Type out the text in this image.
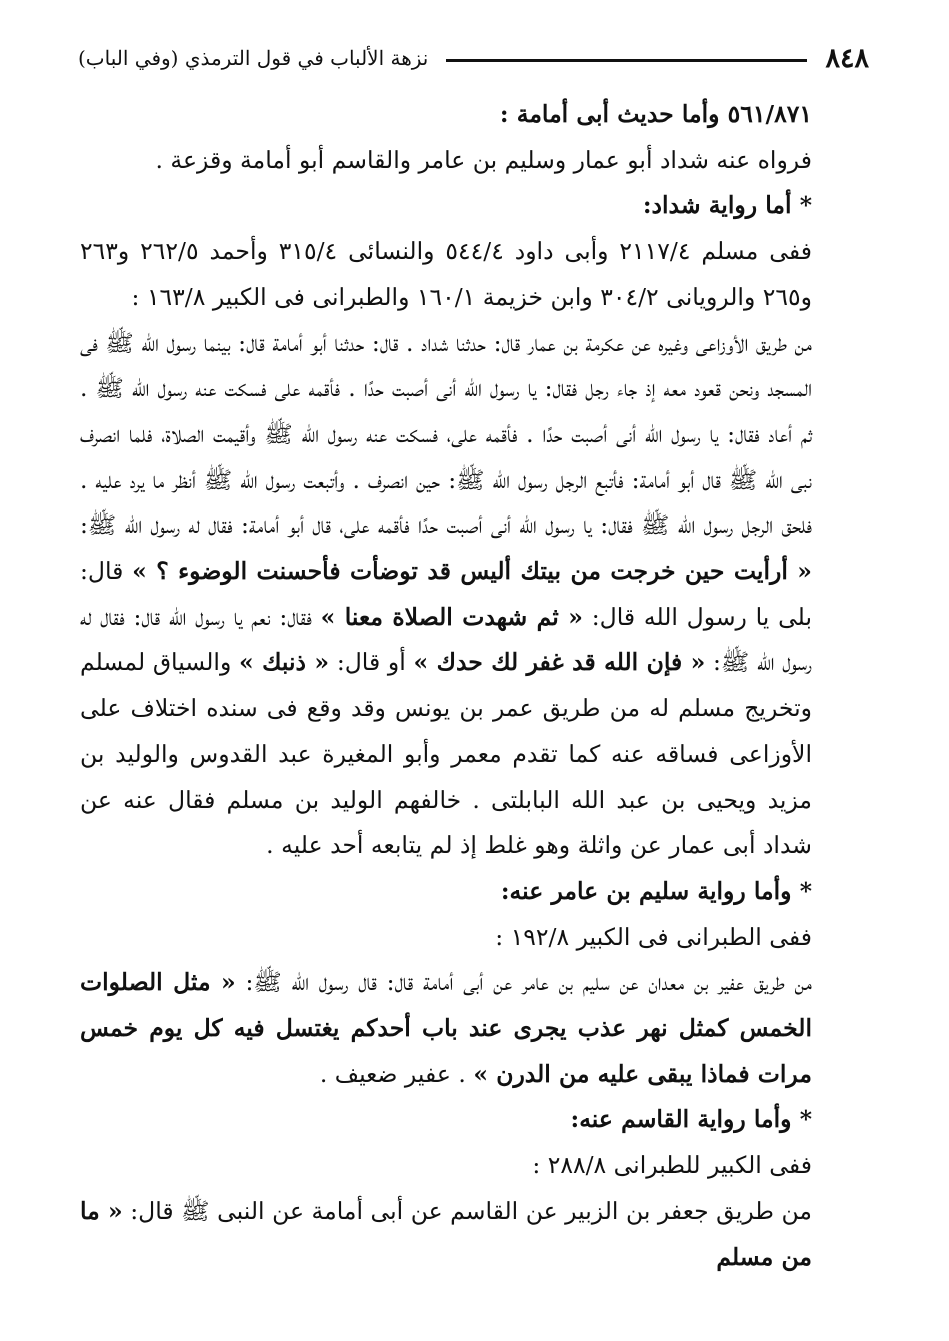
٨٤٨
نزهة الألباب في قول الترمذي (وفي الباب)

٥٦١/٨٧١ وأما حديث أبى أمامة :

فرواه عنه شداد أبو عمار وسليم بن عامر والقاسم أبو أمامة وقزعة .

* أما رواية شداد:

ففى مسلم ٢١١٧/٤ وأبى داود ٥٤٤/٤ والنسائى ٣١٥/٤ وأحمد ٢٦٢/٥ و٢٦٣ و٢٦٥ والرويانى ٣٠٤/٢ وابن خزيمة ١٦٠/١ والطبرانى فى الكبير ١٦٣/٨ :

من طريق الأوزاعى وغيره عن عكرمة بن عمار قال: حدثنا شداد . قال: حدثنا أبو أمامة قال: بينما رسول الله ﷺ فى المسجد ونحن قعود معه إذ جاء رجل فقال: يا رسول الله أنى أصبت حدًا . فأقمه على فسكت عنه رسول الله ﷺ . ثم أعاد فقال: يا رسول الله أنى أصبت حدًا . فأقمه على، فسكت عنه رسول الله ﷺ وأقيمت الصلاة، فلما انصرف نبى الله ﷺ قال أبو أمامة: فأتبع الرجل رسول الله ﷺ: حين انصرف . وأتبعت رسول الله ﷺ أنظر ما يرد عليه . فلحق الرجل رسول الله ﷺ فقال: يا رسول الله أنى أصبت حدًا فأقمه على، قال أبو أمامة: فقال له رسول الله ﷺ: « أرأيت حين خرجت من بيتك أليس قد توضأت فأحسنت الوضوء ؟ » قال: بلى يا رسول الله قال: « ثم شهدت الصلاة معنا » فقال: نعم يا رسول الله قال: فقال له رسول الله ﷺ: « فإن الله قد غفر لك حدك » أو قال: « ذنبك » والسياق لمسلم وتخريج مسلم له من طريق عمر بن يونس وقد وقع فى سنده اختلاف على الأوزاعى فساقه عنه كما تقدم معمر وأبو المغيرة عبد القدوس والوليد بن مزيد ويحيى بن عبد الله البابلتى . خالفهم الوليد بن مسلم فقال عنه عن شداد أبى عمار عن واثلة وهو غلط إذ لم يتابعه أحد عليه .

* وأما رواية سليم بن عامر عنه:

ففى الطبرانى فى الكبير ١٩٢/٨ :

من طريق عفير بن معدان عن سليم بن عامر عن أبى أمامة قال: قال رسول الله ﷺ: « مثل الصلوات الخمس كمثل نهر عذب يجرى عند باب أحدكم يغتسل فيه كل يوم خمس مرات فماذا يبقى عليه من الدرن » . عفير ضعيف .

* وأما رواية القاسم عنه:

ففى الكبير للطبرانى ٢٨٨/٨ :

من طريق جعفر بن الزبير عن القاسم عن أبى أمامة عن النبى ﷺ قال: « ما من مسلم
